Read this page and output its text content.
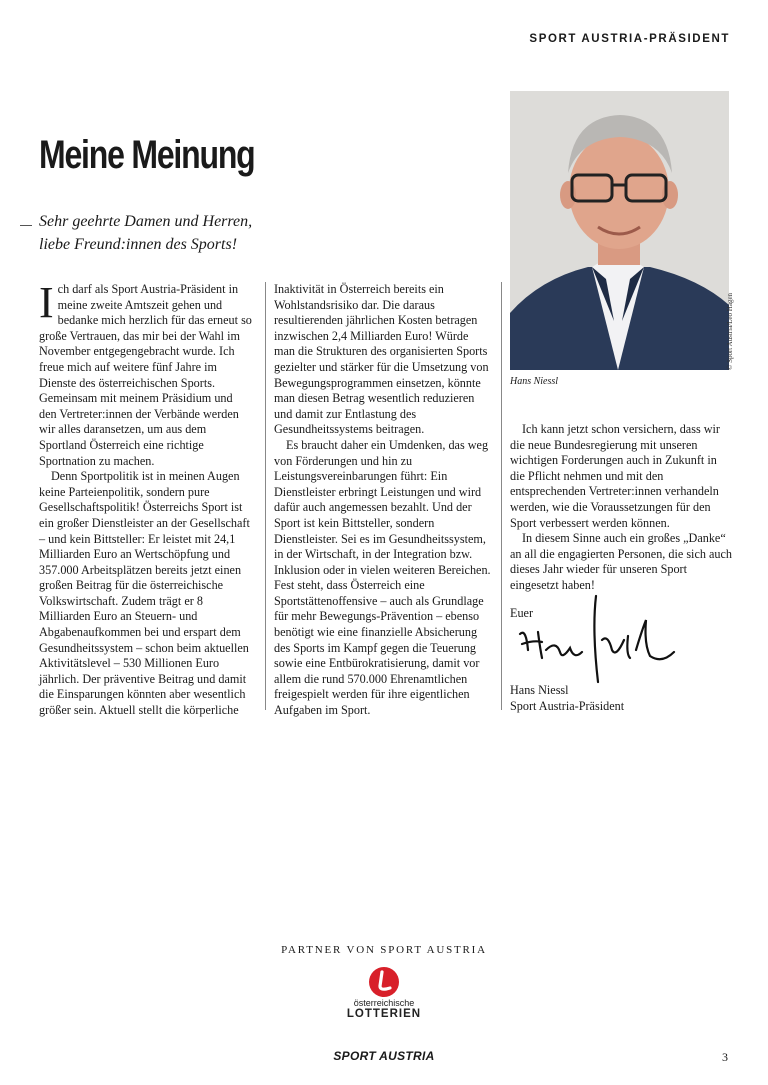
SPORT AUSTRIA-PRÄSIDENT
Meine Meinung
Sehr geehrte Damen und Herren,
liebe Freund:innen des Sports!

Ich darf als Sport Austria-Präsident in meine zweite Amtszeit gehen und bedanke mich herzlich für das erneut so große Vertrauen, das mir bei der Wahl im November entgegengebracht wurde. Ich freue mich auf weitere fünf Jahre im Dienste des österreichischen Sports. Gemeinsam mit meinem Präsidium und den Vertreter:innen der Verbände werden wir alles daransetzen, um aus dem Sportland Österreich eine richtige Sportnation zu machen.

Denn Sportpolitik ist in meinen Augen keine Parteienpolitik, sondern pure Gesellschaftspolitik! Österreichs Sport ist ein großer Dienstleister an der Gesellschaft – und kein Bittsteller: Er leistet mit 24,1 Milliarden Euro an Wertschöpfung und 357.000 Arbeitsplätzen bereits jetzt einen großen Beitrag für die österreichische Volkswirtschaft. Zudem trägt er 8 Milliarden Euro an Steuern- und Abgabenaufkommen bei und erspart dem Gesundheitssystem – schon beim aktuellen Aktivitätslevel – 530 Millionen Euro jährlich. Der präventive Beitrag und damit die Einsparungen könnten aber wesentlich größer sein. Aktuell stellt die körperliche

Inaktivität in Österreich bereits ein Wohlstandsrisiko dar. Die daraus resultierenden jährlichen Kosten betragen inzwischen 2,4 Milliarden Euro! Würde man die Strukturen des organisierten Sports gezielter und stärker für die Umsetzung von Bewegungsprogrammen einsetzen, könnte man diesen Betrag wesentlich reduzieren und damit zur Entlastung des Gesundheitssystems beitragen.

Es braucht daher ein Umdenken, das weg von Förderungen und hin zu Leistungsvereinbarungen führt: Ein Dienstleister erbringt Leistungen und wird dafür auch angemessen bezahlt. Und der Sport ist kein Bittsteller, sondern Dienstleister. Sei es im Gesundheitssystem, in der Wirtschaft, in der Integration bzw. Inklusion oder in vielen weiteren Bereichen. Fest steht, dass Österreich eine Sportstättenoffensive – auch als Grundlage für mehr Bewegungs-Prävention – ebenso benötigt wie eine finanzielle Absicherung des Sports im Kampf gegen die Teuerung sowie eine Entbürokratisierung, damit vor allem die rund 570.000 Ehrenamtlichen freigespielt werden für ihre eigentlichen Aufgaben im Sport.

© Sport Austria/Leo Hagen
Hans Niessl

Ich kann jetzt schon versichern, dass wir die neue Bundesregierung mit unseren wichtigen Forderungen auch in Zukunft in die Pflicht nehmen und mit den entsprechenden Vertreter:innen verhandeln werden, wie die Voraussetzungen für den Sport verbessert werden können.

In diesem Sinne auch ein großes „Danke“ an all die engagierten Personen, die sich auch dieses Jahr wieder für unseren Sport eingesetzt haben!

Euer
Hans Niessl
Sport Austria-Präsident
PARTNER VON SPORT AUSTRIA
österreichische
LOTTERIEN
SPORT AUSTRIA	3
